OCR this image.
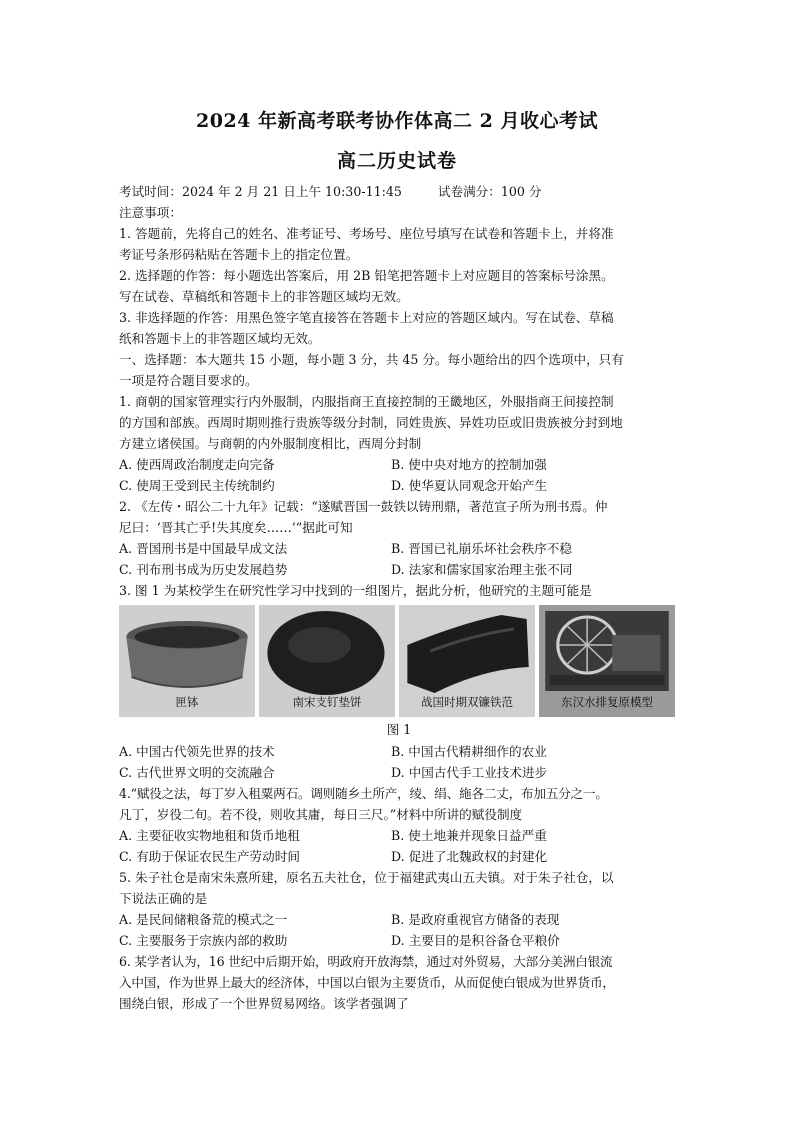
2024 年新高考联考协作体高二 2 月收心考试
高二历史试卷
考试时间：2024 年 2 月 21 日上午 10:30-11:45	试卷满分：100 分
注意事项：
1. 答题前，先将自己的姓名、准考证号、考场号、座位号填写在试卷和答题卡上，并将准
考证号条形码粘贴在答题卡上的指定位置。
2. 选择题的作答：每小题选出答案后，用 2B 铅笔把答题卡上对应题目的答案标号涂黑。
写在试卷、草稿纸和答题卡上的非答题区域均无效。
3. 非选择题的作答：用黑色签字笔直接答在答题卡上对应的答题区域内。写在试卷、草稿
纸和答题卡上的非答题区域均无效。
一、选择题：本大题共 15 小题，每小题 3 分，共 45 分。每小题给出的四个选项中，只有
一项是符合题目要求的。
1. 商朝的国家管理实行内外服制，内服指商王直接控制的王畿地区，外服指商王间接控制
的方国和部族。西周时期则推行贵族等级分封制，同姓贵族、异姓功臣或旧贵族被分封到地
方建立诸侯国。与商朝的内外服制度相比，西周分封制
A. 使西周政治制度走向完备	B. 使中央对地方的控制加强
C. 使周王受到民主传统制约	D. 使华夏认同观念开始产生
2. 《左传・昭公二十九年》记载：“遂赋晋国一鼓铁以铸刑鼎，著范宣子所为刑书焉。仲
尼曰：‘晋其亡乎!失其度矣……’”据此可知
A. 晋国刑书是中国最早成文法	B. 晋国已礼崩乐坏社会秩序不稳
C. 刊布刑书成为历史发展趋势	D. 法家和儒家国家治理主张不同
3. 图 1 为某校学生在研究性学习中找到的一组图片，据此分析，他研究的主题可能是
匣钵	南宋支钉垫饼	战国时期双镰铁范	东汉水排复原模型
图 1
A. 中国古代领先世界的技术	B. 中国古代精耕细作的农业
C. 古代世界文明的交流融合	D. 中国古代手工业技术进步
4.“赋役之法，每丁岁入租粟两石。调则随乡土所产，绫、绢、絁各二丈，布加五分之一。
凡丁，岁役二旬。若不役，则收其庸，每日三尺。”材料中所讲的赋役制度
A. 主要征收实物地租和货币地租	B. 使土地兼并现象日益严重
C. 有助于保证农民生产劳动时间	D. 促进了北魏政权的封建化
5. 朱子社仓是南宋朱熹所建，原名五夫社仓，位于福建武夷山五夫镇。对于朱子社仓，以
下说法正确的是
A. 是民间储粮备荒的模式之一	B. 是政府重视官方储备的表现
C. 主要服务于宗族内部的救助	D. 主要目的是积谷备仓平粮价
6. 某学者认为，16 世纪中后期开始，明政府开放海禁，通过对外贸易，大部分美洲白银流
入中国，作为世界上最大的经济体，中国以白银为主要货币，从而促使白银成为世界货币，
围绕白银，形成了一个世界贸易网络。该学者强调了
